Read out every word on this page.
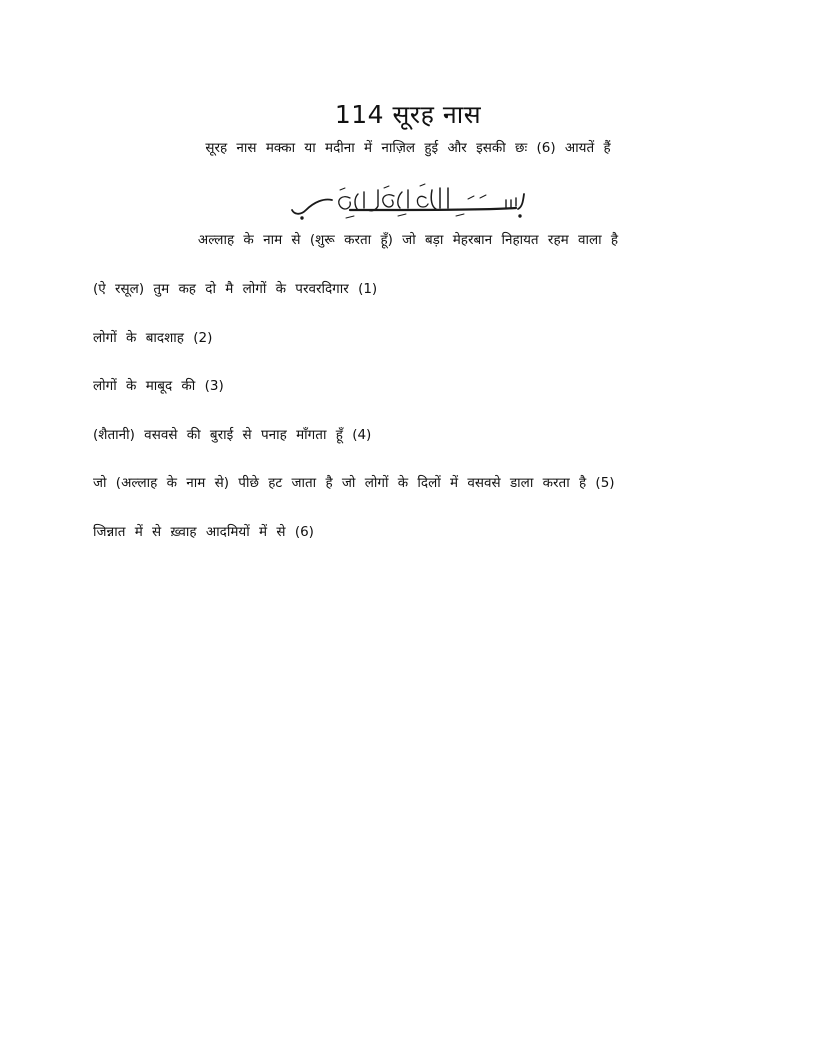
114 सूरह नास
सूरह नास मक्का या मदीना में नाज़िल हुई और इसकी छः (6) आयतें हैं
अल्लाह के नाम से (शुरू करता हूँ) जो बड़ा मेहरबान निहायत रहम वाला है
(ऐ रसूल) तुम कह दो मै लोगों के परवरदिगार (1)
लोगों के बादशाह (2)
लोगों के माबूद की (3)
(शैतानी) वसवसे की बुराई से पनाह माँगता हूँ (4)
जो (अल्लाह के नाम से) पीछे हट जाता है जो लोगों के दिलों में वसवसे डाला करता है (5)
जिन्नात में से ख़्वाह आदमियों में से (6)
